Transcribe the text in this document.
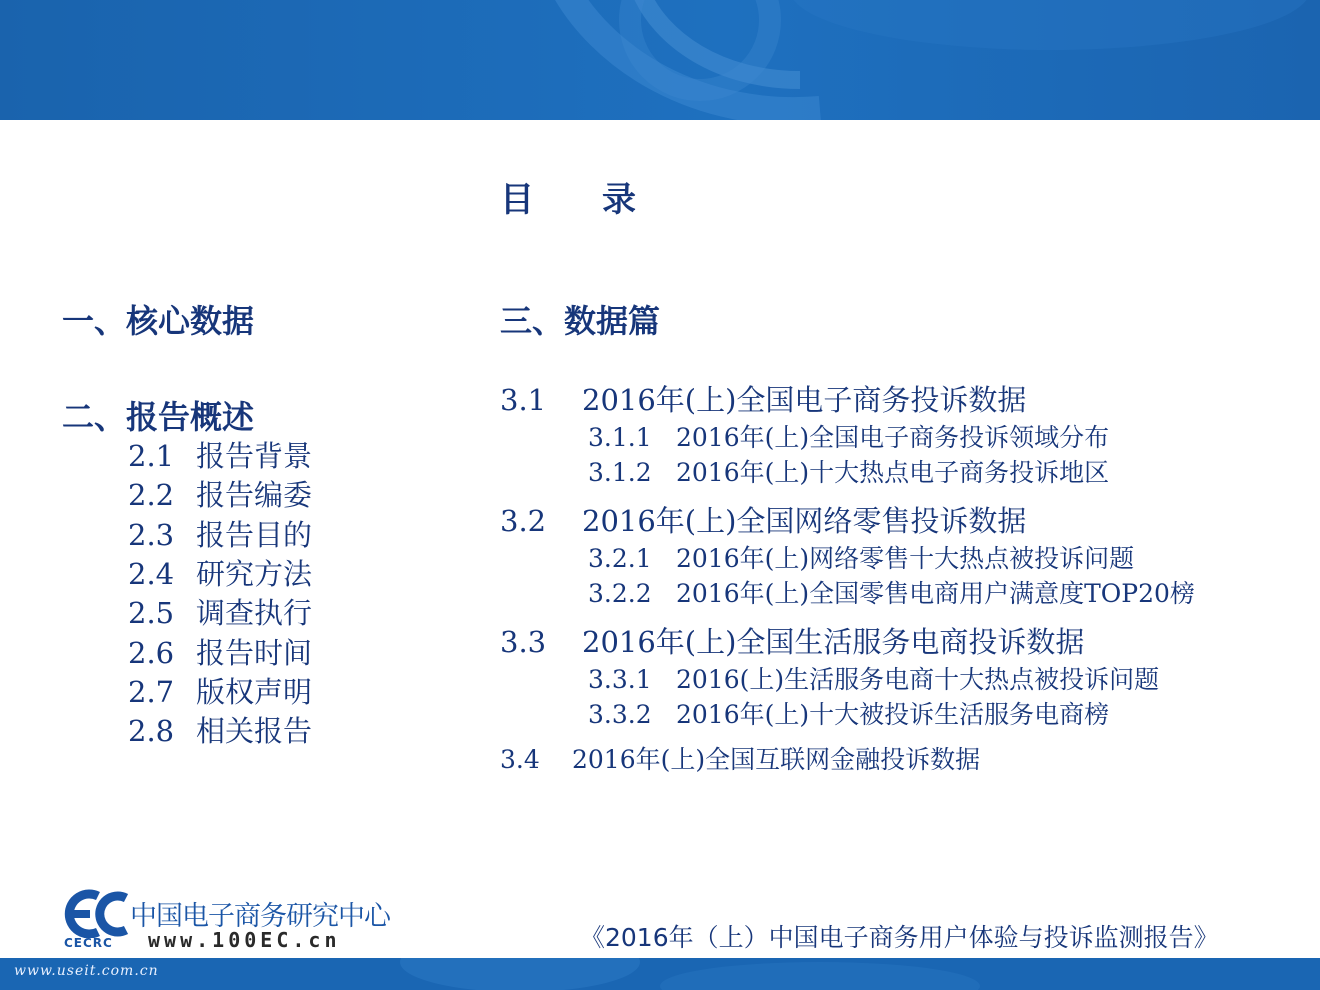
目　　录
一、核心数据
二、报告概述
2.1 报告背景
2.2 报告编委
2.3 报告目的
2.4 研究方法
2.5 调查执行
2.6 报告时间
2.7 版权声明
2.8 相关报告
三、数据篇
3.1 2016年(上)全国电子商务投诉数据
3.1.1 2016年(上)全国电子商务投诉领域分布
3.1.2 2016年(上)十大热点电子商务投诉地区
3.2 2016年(上)全国网络零售投诉数据
3.2.1 2016年(上)网络零售十大热点被投诉问题
3.2.2 2016年(上)全国零售电商用户满意度TOP20榜
3.3 2016年(上)全国生活服务电商投诉数据
3.3.1 2016(上)生活服务电商十大热点被投诉问题
3.3.2 2016年(上)十大被投诉生活服务电商榜
3.4 2016年(上)全国互联网金融投诉数据
中国电子商务研究中心
www.100EC.cn
CECRC	《2016年（上）中国电子商务用户体验与投诉监测报告》
www.useit.com.cn
